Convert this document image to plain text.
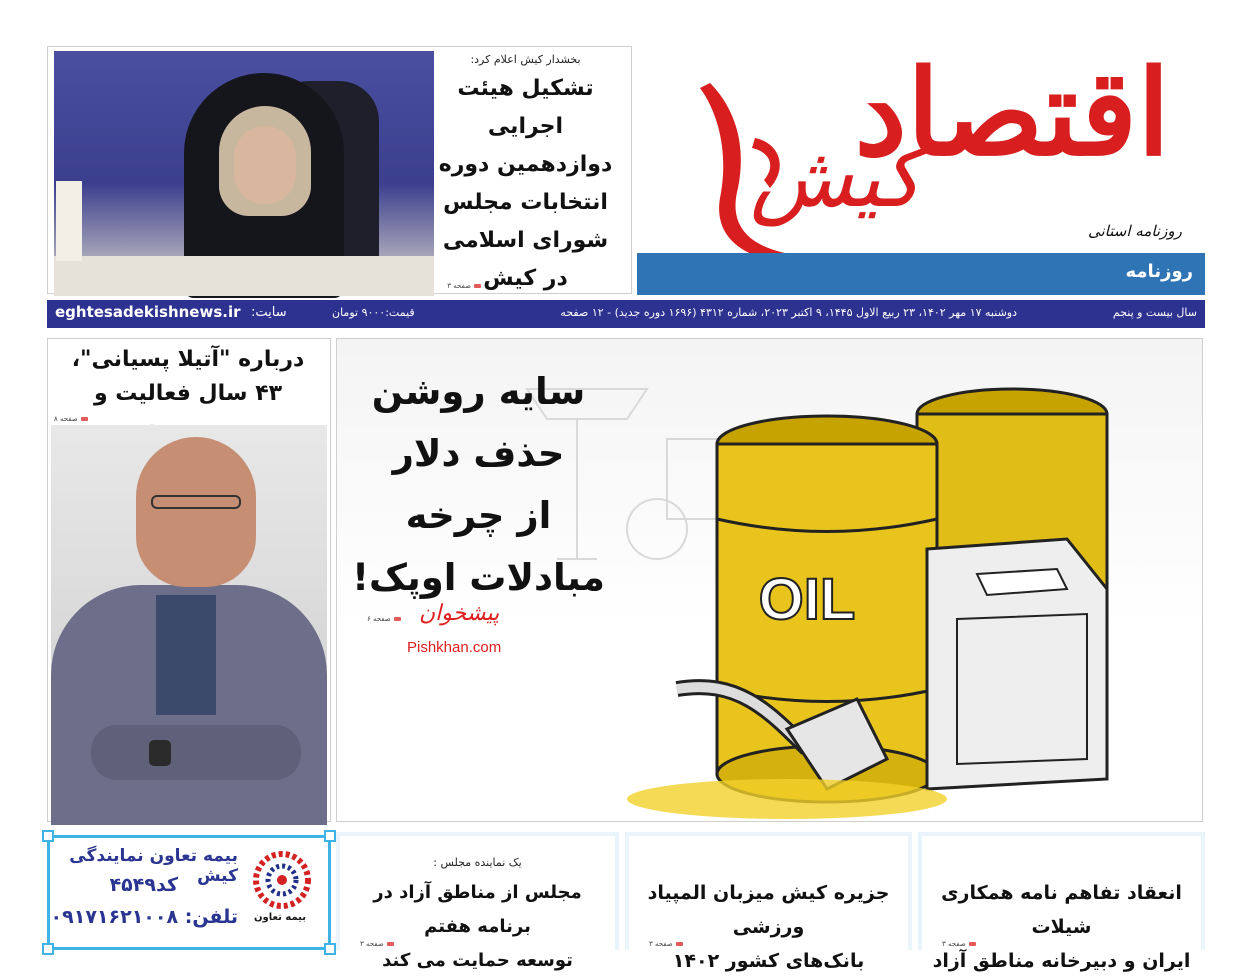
بخشدار کیش اعلام کرد:
تشکیل هیئت اجرایی
دوازدهمین دوره
انتخابات مجلس
شورای اسلامی
در کیش
صفحه ۳
کیش
اقتصاد
روزنامه استانی
روزنامه
سال بیست و پنجم
دوشنبه ۱۷ مهر ۱۴۰۲، ۲۳ ربیع الاول ۱۴۴۵، ۹ اکتبر ۲۰۲۳، شماره ۴۳۱۲ (۱۶۹۶ دوره جدید) - ۱۲ صفحه
قیمت:۹۰۰۰ تومان
سایت:
eghtesadekishnews.ir
درباره "آتیلا پسیانی"،
۴۳ سال فعالیت و
صفحه ۸
OIL
سایه روشن
حذف دلار
از چرخه
مبادلات اوپک!
صفحه ۶	پیشخوان
Pishkhan.com
بیمه تعاون
بیمه تعاون نمایندگی کیش
کد۴۵۴۹
تلفن: ۰۹۱۷۱۶۲۱۰۰۸
یک نماینده مجلس :
مجلس از مناطق آزاد در برنامه هفتم
توسعه حمایت می کند
صفحه ۳
جزیره کیش میزبان المپیاد ورزشی
بانک‌های کشور ۱۴۰۲
صفحه ۳
انعقاد تفاهم نامه همکاری شیلات
ایران و دبیرخانه مناطق آزاد
صفحه ۳
